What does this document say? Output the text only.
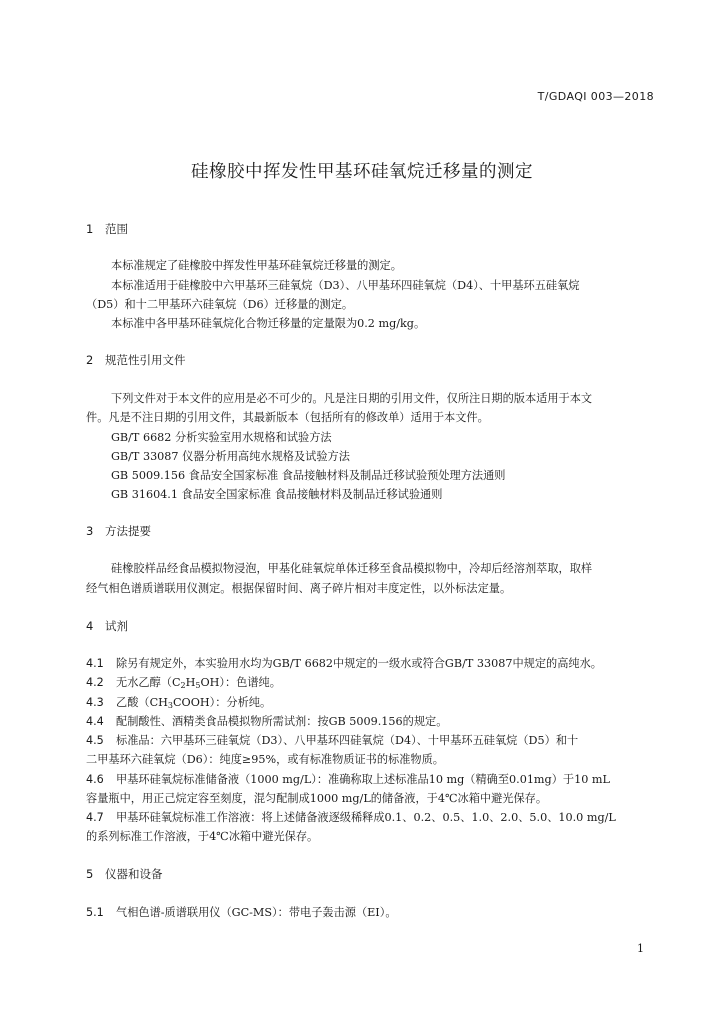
T/GDAQI 003—2018
硅橡胶中挥发性甲基环硅氧烷迁移量的测定
1 范围
本标准规定了硅橡胶中挥发性甲基环硅氧烷迁移量的测定。
本标准适用于硅橡胶中六甲基环三硅氧烷（D3）、八甲基环四硅氧烷（D4）、十甲基环五硅氧烷
（D5）和十二甲基环六硅氧烷（D6）迁移量的测定。
本标准中各甲基环硅氧烷化合物迁移量的定量限为0.2 mg/kg。
2 规范性引用文件
下列文件对于本文件的应用是必不可少的。凡是注日期的引用文件，仅所注日期的版本适用于本文
件。凡是不注日期的引用文件，其最新版本（包括所有的修改单）适用于本文件。
GB/T 6682 分析实验室用水规格和试验方法
GB/T 33087 仪器分析用高纯水规格及试验方法
GB 5009.156 食品安全国家标准 食品接触材料及制品迁移试验预处理方法通则
GB 31604.1 食品安全国家标准 食品接触材料及制品迁移试验通则
3 方法提要
硅橡胶样品经食品模拟物浸泡，甲基化硅氧烷单体迁移至食品模拟物中，冷却后经溶剂萃取，取样
经气相色谱质谱联用仪测定。根据保留时间、离子碎片相对丰度定性，以外标法定量。
4 试剂
4.1 除另有规定外，本实验用水均为GB/T 6682中规定的一级水或符合GB/T 33087中规定的高纯水。
4.2 无水乙醇$(C_2H_5OH)$：色谱纯。
4.3 乙酸$(CH_3COOH)$：分析纯。
4.4 配制酸性、酒精类食品模拟物所需试剂：按GB 5009.156的规定。
4.5 标准品：六甲基环三硅氧烷（D3）、八甲基环四硅氧烷（D4）、十甲基环五硅氧烷（D5）和十
二甲基环六硅氧烷（D6）：纯度≥95%，或有标准物质证书的标准物质。
4.6 甲基环硅氧烷标准储备液（1000 mg/L）：准确称取上述标准品10 mg（精确至0.01mg）于10 mL
容量瓶中，用正己烷定容至刻度，混匀配制成1000 mg/L的储备液，于4℃冰箱中避光保存。
4.7 甲基环硅氧烷标准工作溶液：将上述储备液逐级稀释成0.1、0.2、0.5、1.0、2.0、5.0、10.0 mg/L
的系列标准工作溶液，于4℃冰箱中避光保存。
5 仪器和设备
5.1 气相色谱-质谱联用仪（GC-MS）：带电子轰击源（EI）。
1
